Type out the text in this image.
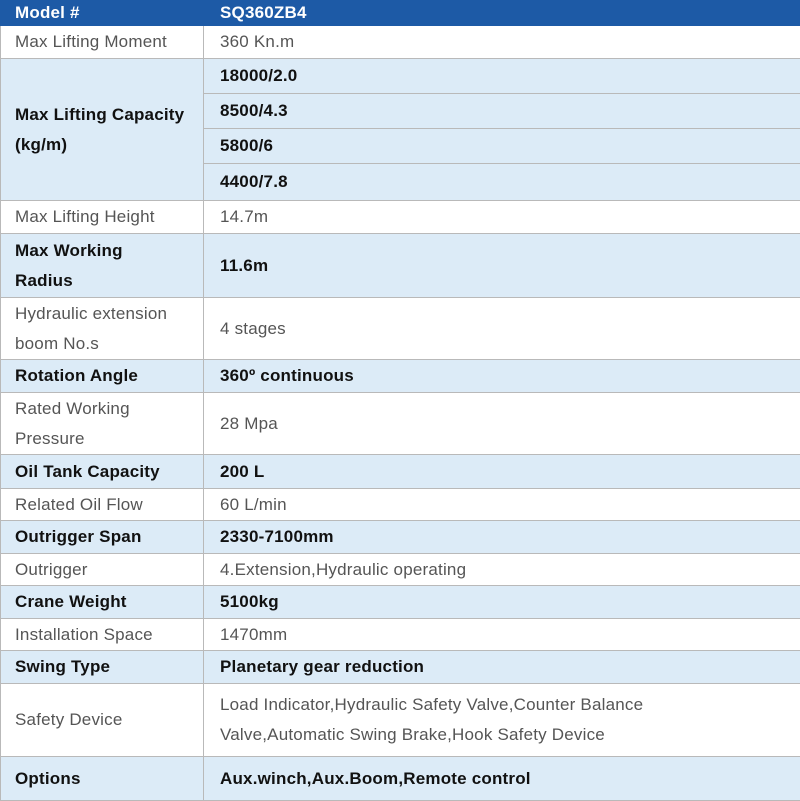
Model #	SQ360ZB4
Max Lifting Moment	360 Kn.m

Max Lifting Capacity
(kg/m)	18000/2.0
	8500/4.3
	5800/6
	4400/7.8
Max Lifting Height	14.7m

Max Working
Radius	11.6m

Hydraulic extension
boom No.s	4 stages
Rotation Angle	360º continuous

Rated Working
Pressure	28 Mpa
Oil Tank Capacity	200 L
Related Oil Flow	60 L/min
Outrigger Span	2330-7100mm
Outrigger	4.Extension,Hydraulic operating
Crane Weight	5100kg
Installation Space	1470mm
Swing Type	Planetary gear reduction
Safety Device	Load Indicator,Hydraulic Safety Valve,Counter Balance
Valve,Automatic Swing Brake,Hook Safety Device

Options	Aux.winch,Aux.Boom,Remote control
